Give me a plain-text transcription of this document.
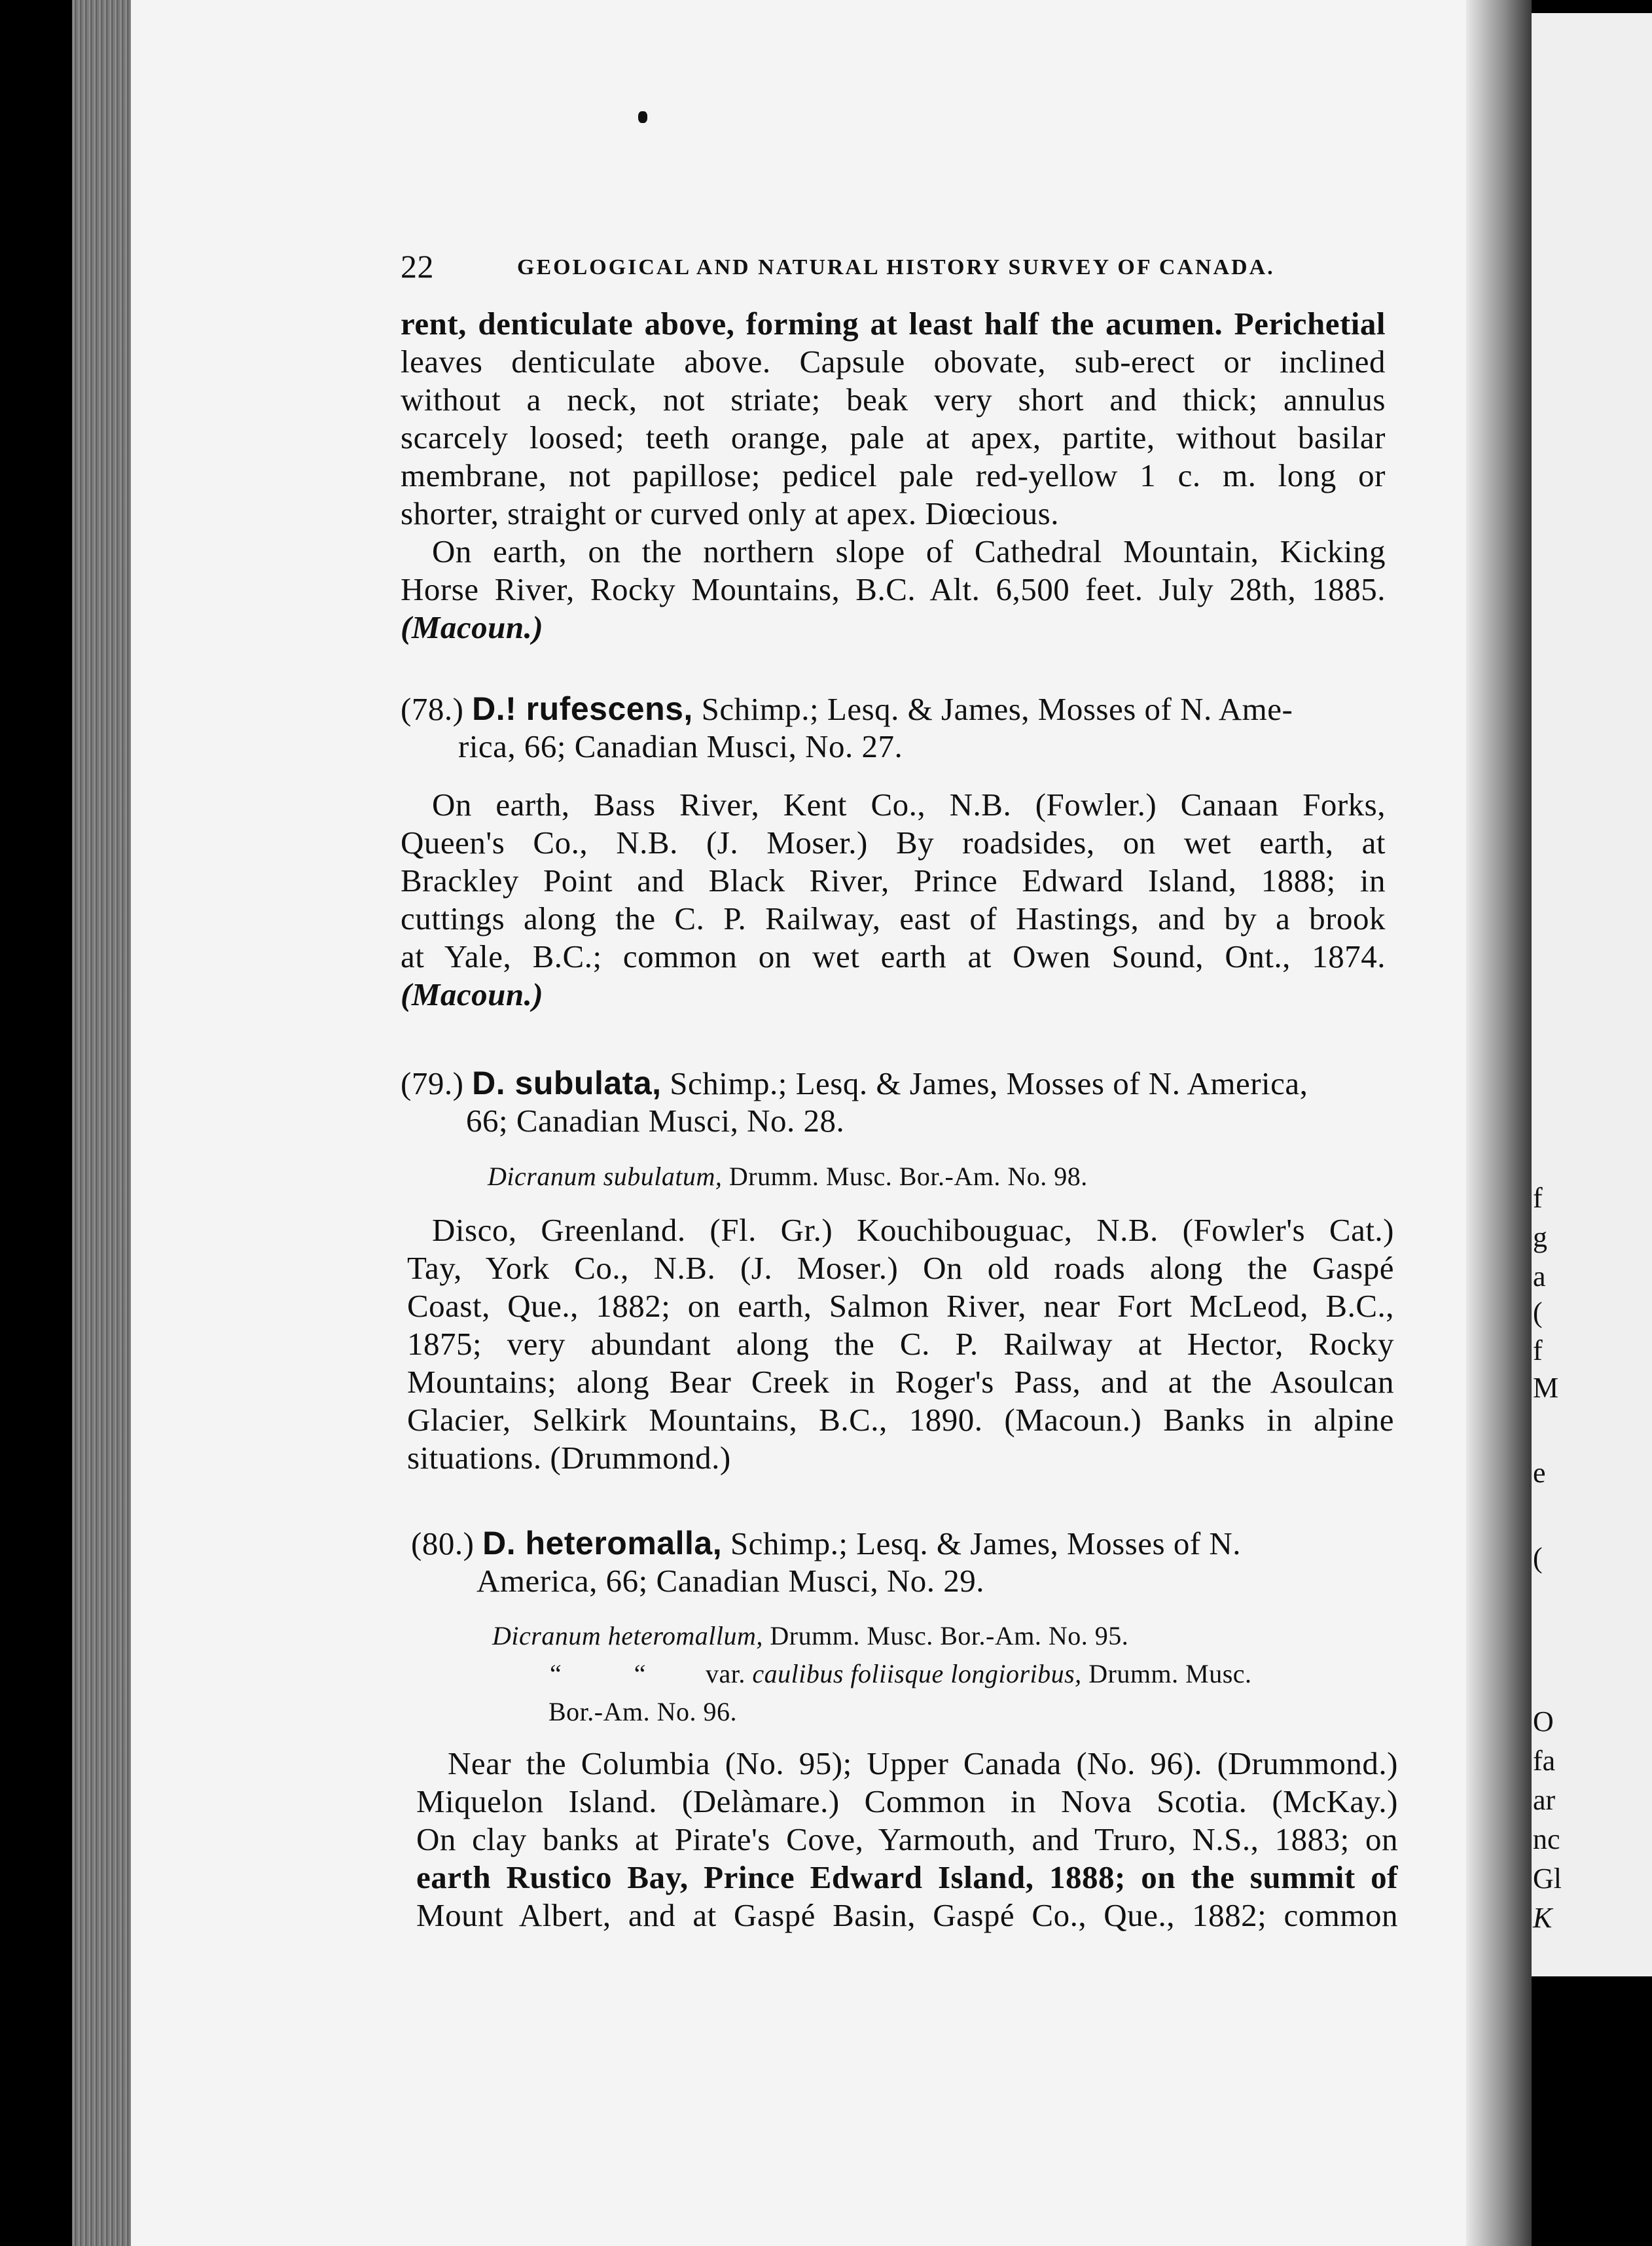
f
g
a
(
f
M
e
(
O
fa
ar
nc
Gl
K
22	GEOLOGICAL AND NATURAL HISTORY SURVEY OF CANADA.
rent, denticulate above, forming at least half the acumen. Perichetial
leaves denticulate above. Capsule obovate, sub-erect or inclined
without a neck, not striate; beak very short and thick; annulus
scarcely loosed; teeth orange, pale at apex, partite, without basilar
membrane, not papillose; pedicel pale red-yellow 1 c. m. long or
shorter, straight or curved only at apex. Diœcious.
On earth, on the northern slope of Cathedral Mountain, Kicking
Horse River, Rocky Mountains, B.C. Alt. 6,500 feet. July 28th, 1885.
(Macoun.)
(78.) D.! rufescens, Schimp.; Lesq. & James, Mosses of N. Ame-
rica, 66; Canadian Musci, No. 27.
On earth, Bass River, Kent Co., N.B. (Fowler.) Canaan Forks,
Queen's Co., N.B. (J. Moser.) By roadsides, on wet earth, at
Brackley Point and Black River, Prince Edward Island, 1888; in
cuttings along the C. P. Railway, east of Hastings, and by a brook
at Yale, B.C.; common on wet earth at Owen Sound, Ont., 1874.
(Macoun.)
(79.) D. subulata, Schimp.; Lesq. & James, Mosses of N. America,
66; Canadian Musci, No. 28.
Dicranum subulatum, Drumm. Musc. Bor.-Am. No. 98.
Disco, Greenland. (Fl. Gr.) Kouchibouguac, N.B. (Fowler's Cat.)
Tay, York Co., N.B. (J. Moser.) On old roads along the Gaspé
Coast, Que., 1882; on earth, Salmon River, near Fort McLeod, B.C.,
1875; very abundant along the C. P. Railway at Hector, Rocky
Mountains; along Bear Creek in Roger's Pass, and at the Asoulcan
Glacier, Selkirk Mountains, B.C., 1890. (Macoun.) Banks in alpine
situations. (Drummond.)
(80.) D. heteromalla, Schimp.; Lesq. & James, Mosses of N.
America, 66; Canadian Musci, No. 29.
Dicranum heteromallum, Drumm. Musc. Bor.-Am. No. 95.
“ “ var. caulibus foliisque longioribus, Drumm. Musc.
Bor.-Am. No. 96.
Near the Columbia (No. 95); Upper Canada (No. 96). (Drummond.)
Miquelon Island. (Delàmare.) Common in Nova Scotia. (McKay.)
On clay banks at Pirate's Cove, Yarmouth, and Truro, N.S., 1883; on
earth Rustico Bay, Prince Edward Island, 1888; on the summit of
Mount Albert, and at Gaspé Basin, Gaspé Co., Que., 1882; common
